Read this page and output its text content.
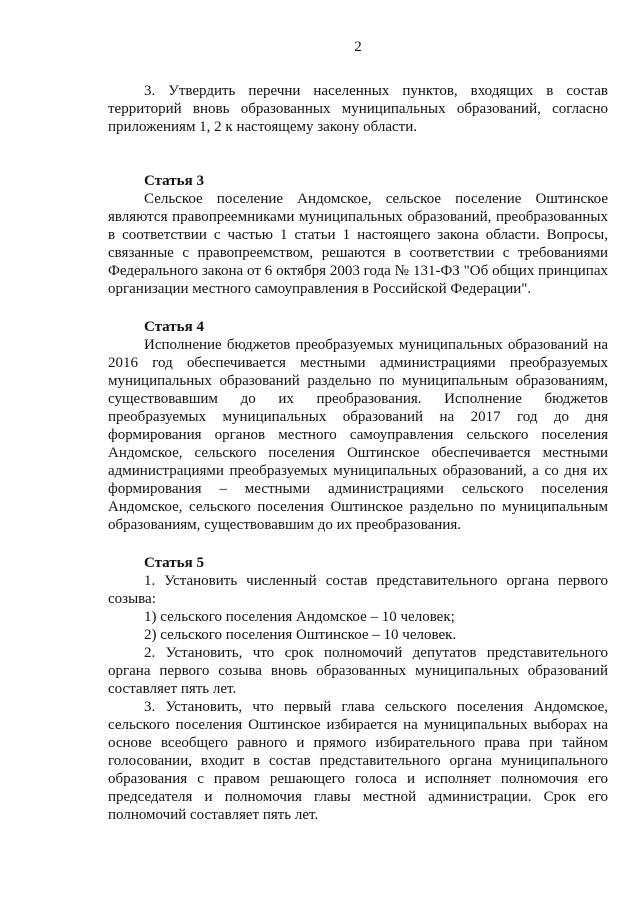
2

3. Утвердить перечни населенных пунктов, входящих в состав территорий вновь образованных муниципальных образований, согласно приложениям 1, 2 к настоящему закону области.

Статья 3

Сельское поселение Андомское, сельское поселение Оштинское являются правопреемниками муниципальных образований, преобразованных в соответствии с частью 1 статьи 1 настоящего закона области. Вопросы, связанные с правопреемством, решаются в соответствии с требованиями Федерального закона от 6 октября 2003 года № 131-ФЗ "Об общих принципах организации местного самоуправления в Российской Федерации".

Статья 4

Исполнение бюджетов преобразуемых муниципальных образований на 2016 год обеспечивается местными администрациями преобразуемых муниципальных образований раздельно по муниципальным образованиям, существовавшим до их преобразования. Исполнение бюджетов преобразуемых муниципальных образований на 2017 год до дня формирования органов местного самоуправления сельского поселения Андомское, сельского поселения Оштинское обеспечивается местными администрациями преобразуемых муниципальных образований, а со дня их формирования – местными администрациями сельского поселения Андомское, сельского поселения Оштинское раздельно по муниципальным образованиям, существовавшим до их преобразования.

Статья 5

1. Установить численный состав представительного органа первого созыва:

1) сельского поселения Андомское – 10 человек;

2) сельского поселения Оштинское – 10 человек.

2. Установить, что срок полномочий депутатов представительного органа первого созыва вновь образованных муниципальных образований составляет пять лет.

3. Установить, что первый глава сельского поселения Андомское, сельского поселения Оштинское избирается на муниципальных выборах на основе всеобщего равного и прямого избирательного права при тайном голосовании, входит в состав представительного органа муниципального образования с правом решающего голоса и исполняет полномочия его председателя и полномочия главы местной администрации. Срок его полномочий составляет пять лет.
